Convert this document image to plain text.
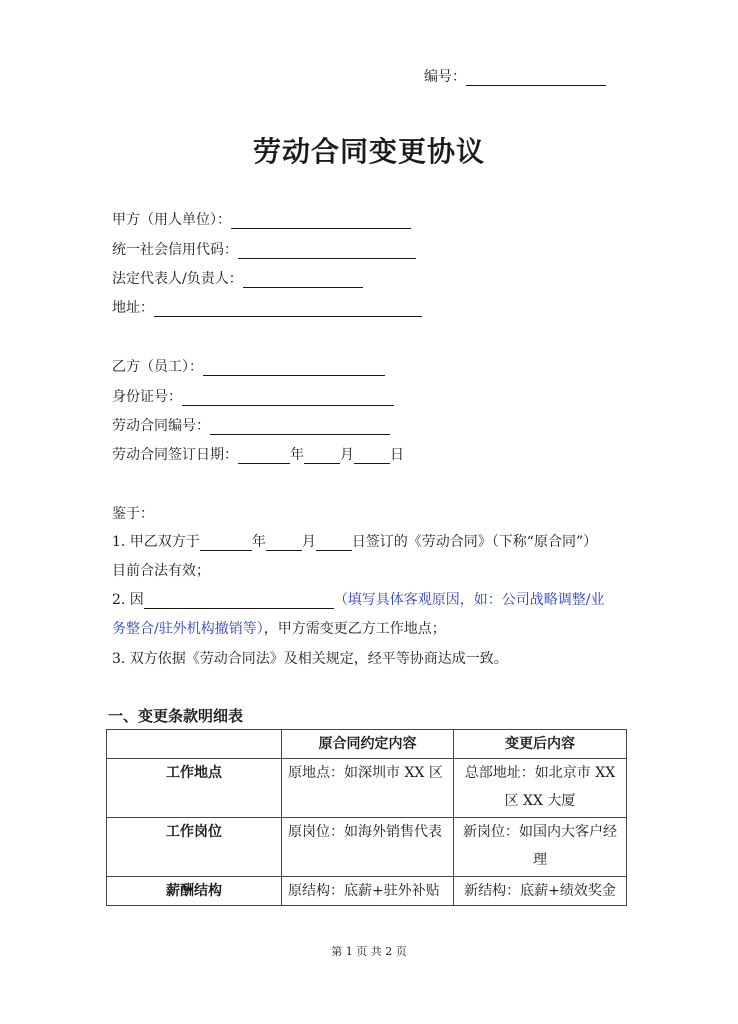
编号：
劳动合同变更协议
甲方（用人单位）：
统一社会信用代码：
法定代表人/负责人：
地址：
乙方（员工）：
身份证号：
劳动合同编号：
劳动合同签订日期：	年	月	日
鉴于：
1. 甲乙双方于	年	月	日签订的《劳动合同》（下称“原合同”）
目前合法有效；
2. 因	（填写具体客观原因，如：公司战略调整/业
务整合/驻外机构撤销等），甲方需变更乙方工作地点；
3. 双方依据《劳动合同法》及相关规定，经平等协商达成一致。
一、变更条款明细表
	原合同约定内容	变更后内容
工作地点	原地点：如深圳市 XX 区	总部地址：如北京市 XX
区 XX 大厦

工作岗位	原岗位：如海外销售代表	新岗位：如国内大客户经
理

薪酬结构	原结构：底薪+驻外补贴	新结构：底薪+绩效奖金
第 1 页 共 2 页
